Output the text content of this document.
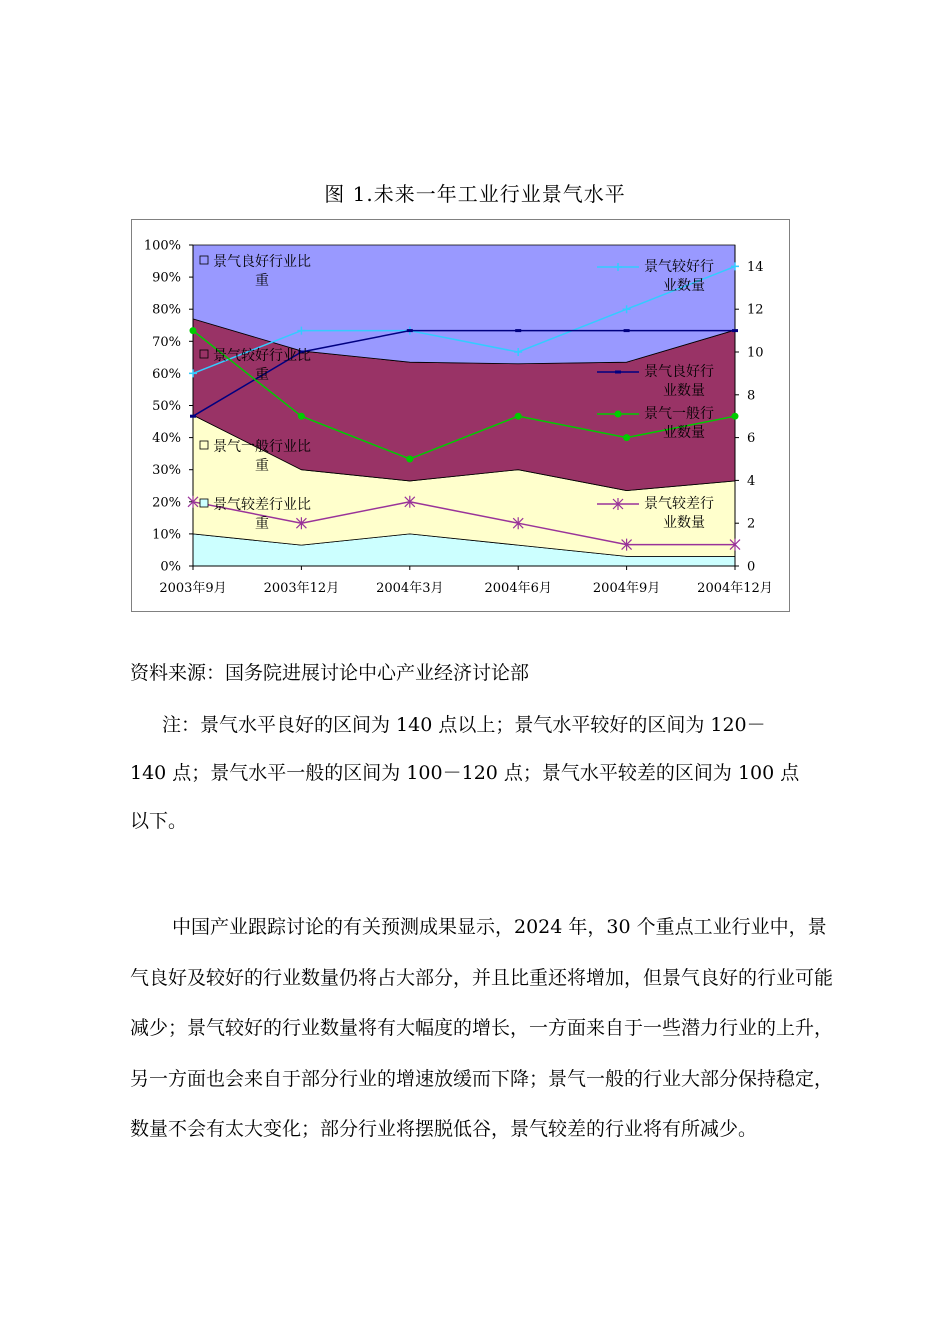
图 1.未来一年工业行业景气水平
0%
10%
20%
30%
40%
50%
60%
70%
80%
90%
100%
0
2
4
6
8
10
12
14
2003年9月	2003年12月	2004年3月	2004年6月	2004年9月	2004年12月
景气良好行业比
重
景气较好行业比
重
景气一般行业比
重
景气较差行业比
重
景气较好行
业数量
景气良好行
业数量
景气一般行
业数量
景气较差行
业数量

资料来源：国务院进展讨论中心产业经济讨论部

注：景气水平良好的区间为 140 点以上；景气水平较好的区间为 120－

140 点；景气水平一般的区间为 100－120 点；景气水平较差的区间为 100 点

以下。

中国产业跟踪讨论的有关预测成果显示，2024 年，30 个重点工业行业中，景气良好及较好的行业数量仍将占大部分，并且比重还将增加，但景气良好的行业可能减少；景气较好的行业数量将有大幅度的增长，一方面来自于一些潜力行业的上升，另一方面也会来自于部分行业的增速放缓而下降；景气一般的行业大部分保持稳定，数量不会有太大变化；部分行业将摆脱低谷，景气较差的行业将有所减少。
